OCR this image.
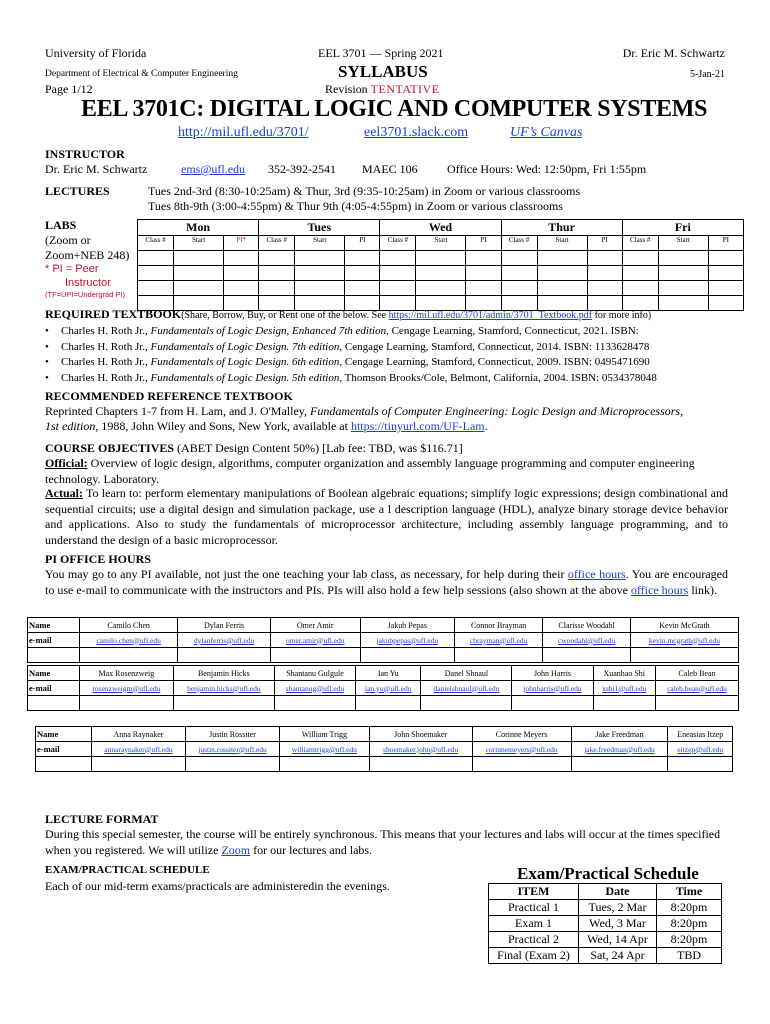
University of Florida	EEL 3701 — Spring 2021	Dr. Eric M. Schwartz
Department of Electrical & Computer Engineering	SYLLABUS	5-Jan-21
Page 1/12	Revision TENTATIVE
EEL 3701C: DIGITAL LOGIC AND COMPUTER SYSTEMS
http://mil.ufl.edu/3701/	eel3701.slack.com	UF’s Canvas
INSTRUCTOR
Dr. Eric M. Schwartz	ems@ufl.edu 352-392-2541 MAEC 106 Office Hours: Wed: 12:50pm, Fri 1:55pm
LECTURES	Tues 2nd-3rd (8:30-10:25am) & Thur, 3rd (9:35-10:25am) in Zoom or various classrooms
Tues 8th-9th (3:00-4:55pm) & Thur 9th (4:05-4:55pm) in Zoom or various classrooms
LABS
(Zoom or
Zoom+NEB 248)
* PI = Peer
Instructor
(TF=UPI=Undergrad PI)
Mon			Tues			Wed			Thur			Fri		
Class #	Start	PI*	Class #	Start	PI	Class #	Start	PI	Class #	Start	PI	Class #	Start	PI

REQUIRED TEXTBOOK(Share, Borrow, Buy, or Rent one of the below. See https://mil.ufl.edu/3701/admin/3701_Textbook.pdf for more info)
• Charles H. Roth Jr., Fundamentals of Logic Design, Enhanced 7th edition, Cengage Learning, Stamford, Connecticut, 2021. ISBN:
• Charles H. Roth Jr., Fundamentals of Logic Design. 7th edition, Cengage Learning, Stamford, Connecticut, 2014. ISBN: 1133628478
• Charles H. Roth Jr., Fundamentals of Logic Design. 6th edition, Cengage Learning, Stamford, Connecticut, 2009. ISBN: 0495471690
• Charles H. Roth Jr., Fundamentals of Logic Design. 5th edition, Thomson Brooks/Cole, Belmont, California, 2004. ISBN: 0534378048
RECOMMENDED REFERENCE TEXTBOOK
Reprinted Chapters 1-7 from H. Lam, and J. O'Malley, Fundamentals of Computer Engineering: Logic Design and Microprocessors,
1st edition, 1988, John Wiley and Sons, New York, available at https://tinyurl.com/UF-Lam.
COURSE OBJECTIVES (ABET Design Content 50%) [Lab fee: TBD, was $116.71]
Official: Overview of logic design, algorithms, computer organization and assembly language programming and computer engineering technology. Laboratory.
Actual: To learn to: perform elementary manipulations of Boolean algebraic equations; simplify logic expressions; design combinational and sequential circuits; use a digital design and simulation package, use a l description language (HDL), analyze binary storage device behavior and applications. Also to study the fundamentals of microprocessor architecture, including assembly language programming, and to understand the design of a basic microprocessor.
PI OFFICE HOURS
You may go to any PI available, not just the one teaching your lab class, as necessary, for help during their office hours. You are encouraged to use e-mail to communicate with the instructors and PIs. PIs will also hold a few help sessions (also shown at the above office hours link).
Name	Camilo Chen	Dylan Ferris	Omer Amir	Jakub Pepas	Connor Brayman	Clarisse Woodahl	Kevin McGrath
e-mail	camilo.chen@ufl.edu	dylanferris@ufl.edu	omer.amir@ufl.edu	jakubpepas@ufl.edu	cbrayman@ufl.edu	cwoodahl@ufl.edu	kevin.mcgrath@ufl.edu

Name	Max Rosenzweig	Benjamin Hicks	Shantanu Gulgule	Ian Yu	Danel Shnaul	John Harris	Xuanhao Shi	Caleb Bean
e-mail	rosenzweigm@ufl.edu	benjamin.hicks@ufl.edu	shantanug@ufl.edu	ian.yu@ufl.edu	danielshnaul@ufl.edu	johnharris@ufl.edu	xshi1@ufl.edu	caleb.bean@ufl.edu

Name	Anna Raynaker	Justin Rossiter	William Trigg	John Shoemaker	Corinne Meyers	Jake Freedman	Eneasias Itzep
e-mail	annaraynaker@ufl.edu	justin.rossiter@ufl.edu	williamtrigg@ufl.edu	shoemaker.john@ufl.edu	corinnemeyers@ufl.edu	jake.freedman@ufl.edu	eitzep@ufl.edu

LECTURE FORMAT
During this special semester, the course will be entirely synchronous. This means that your lectures and labs will occur at the times specified when you registered. We will utilize Zoom for our lectures and labs.
EXAM/PRACTICAL SCHEDULE
Each of our mid-term exams/practicals are administeredin the evenings.
Exam/Practical Schedule
ITEM	Date	Time
Practical 1	Tues, 2 Mar	8:20pm
Exam 1	Wed, 3 Mar	8:20pm
Practical 2	Wed, 14 Apr	8:20pm
Final (Exam 2)	Sat, 24 Apr	TBD
